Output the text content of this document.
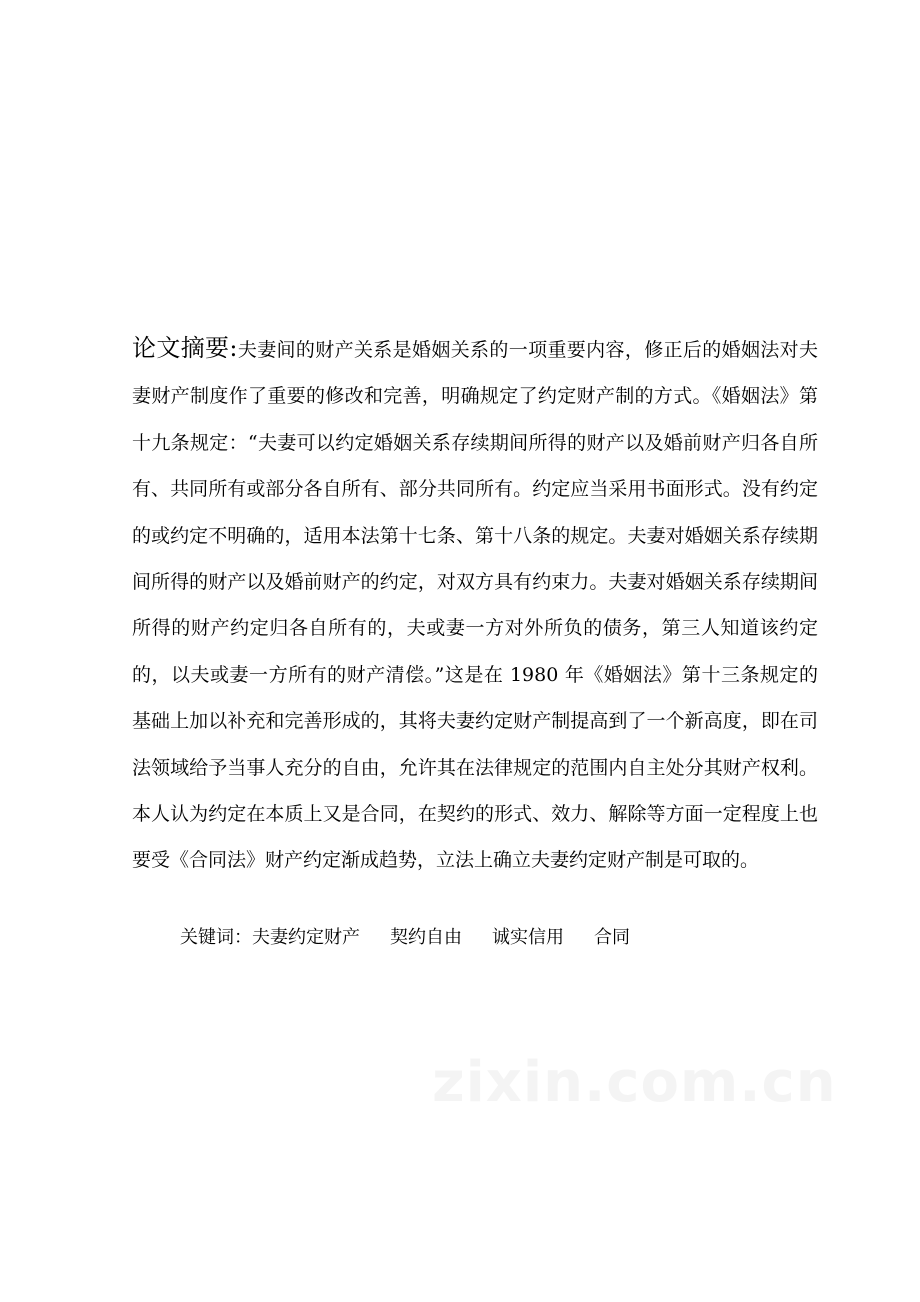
论文摘要:夫妻间的财产关系是婚姻关系的一项重要内容，修正后的婚姻法对夫妻财产制度作了重要的修改和完善，明确规定了约定财产制的方式。《婚姻法》第十九条规定：“夫妻可以约定婚姻关系存续期间所得的财产以及婚前财产归各自所有、共同所有或部分各自所有、部分共同所有。约定应当采用书面形式。没有约定的或约定不明确的，适用本法第十七条、第十八条的规定。夫妻对婚姻关系存续期间所得的财产以及婚前财产的约定，对双方具有约束力。夫妻对婚姻关系存续期间所得的财产约定归各自所有的，夫或妻一方对外所负的债务，第三人知道该约定的，以夫或妻一方所有的财产清偿。”这是在 1980 年《婚姻法》第十三条规定的基础上加以补充和完善形成的，其将夫妻约定财产制提高到了一个新高度，即在司法领域给予当事人充分的自由，允许其在法律规定的范围内自主处分其财产权利。本人认为约定在本质上又是合同，在契约的形式、效力、解除等方面一定程度上也要受《合同法》财产约定渐成趋势，立法上确立夫妻约定财产制是可取的。
关键词：夫妻约定财产 契约自由 诚实信用 合同
zixin.com.cn
